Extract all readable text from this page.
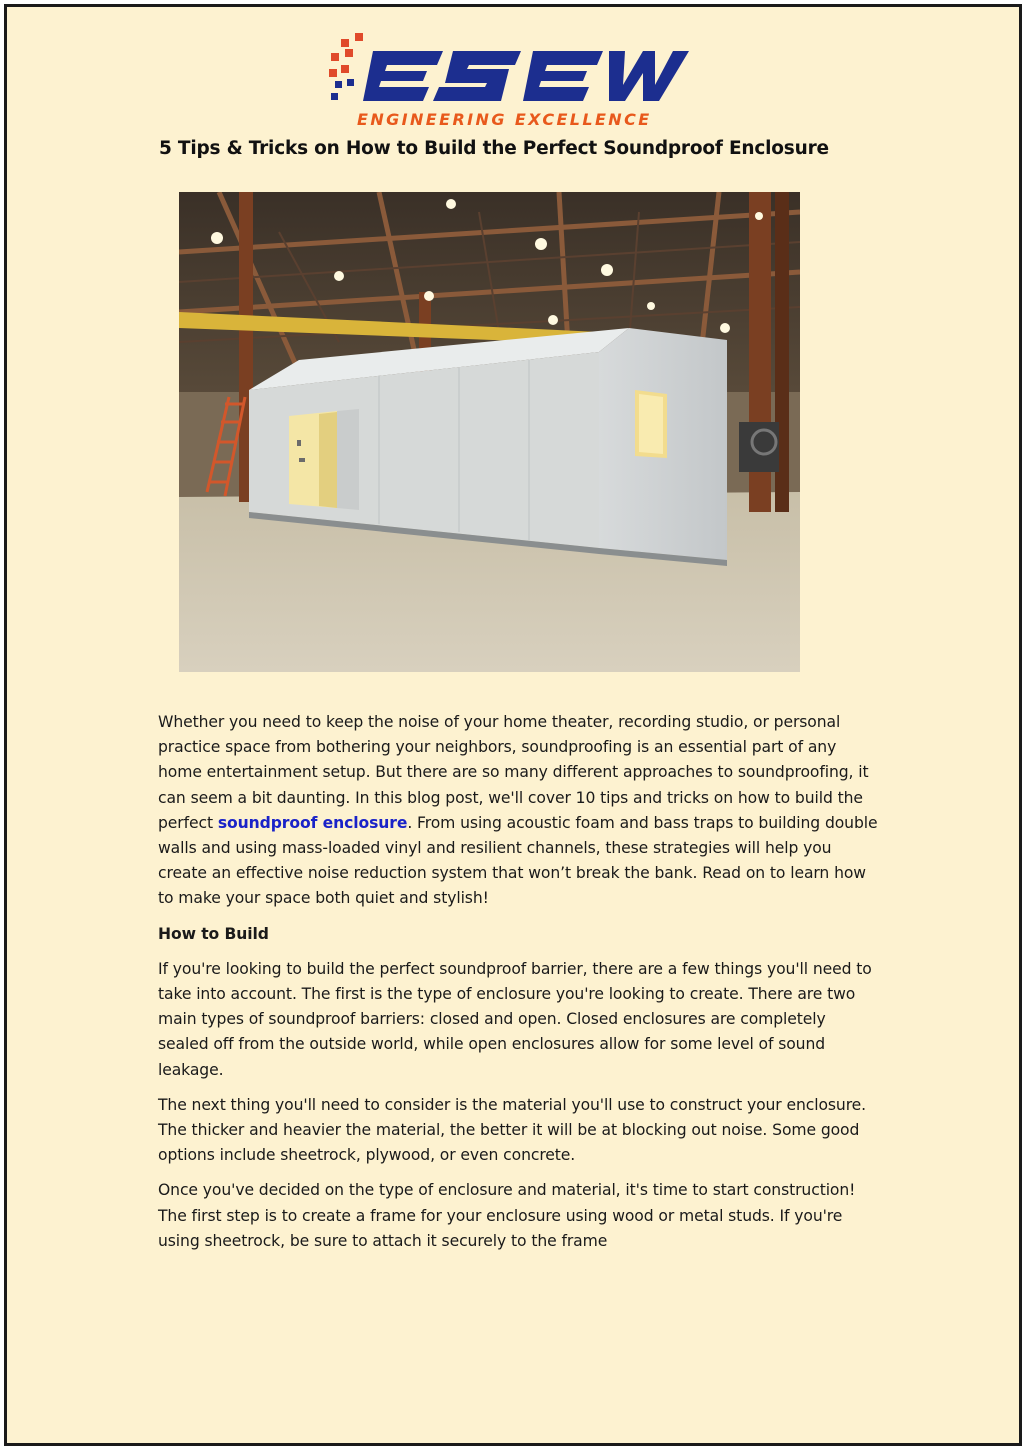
ENGINEERING EXCELLENCE
5 Tips & Tricks on How to Build the Perfect Soundproof Enclosure

Whether you need to keep the noise of your home theater, recording studio, or personal practice space from bothering your neighbors, soundproofing is an essential part of any home entertainment setup. But there are so many different approaches to soundproofing, it can seem a bit daunting. In this blog post, we'll cover 10 tips and tricks on how to build the perfect soundproof enclosure. From using acoustic foam and bass traps to building double walls and using mass-loaded vinyl and resilient channels, these strategies will help you create an effective noise reduction system that won’t break the bank. Read on to learn how to make your space both quiet and stylish!

How to Build

If you're looking to build the perfect soundproof barrier, there are a few things you'll need to take into account. The first is the type of enclosure you're looking to create. There are two main types of soundproof barriers: closed and open. Closed enclosures are completely sealed off from the outside world, while open enclosures allow for some level of sound leakage.

The next thing you'll need to consider is the material you'll use to construct your enclosure. The thicker and heavier the material, the better it will be at blocking out noise. Some good options include sheetrock, plywood, or even concrete.

Once you've decided on the type of enclosure and material, it's time to start construction! The first step is to create a frame for your enclosure using wood or metal studs. If you're using sheetrock, be sure to attach it securely to the frame
